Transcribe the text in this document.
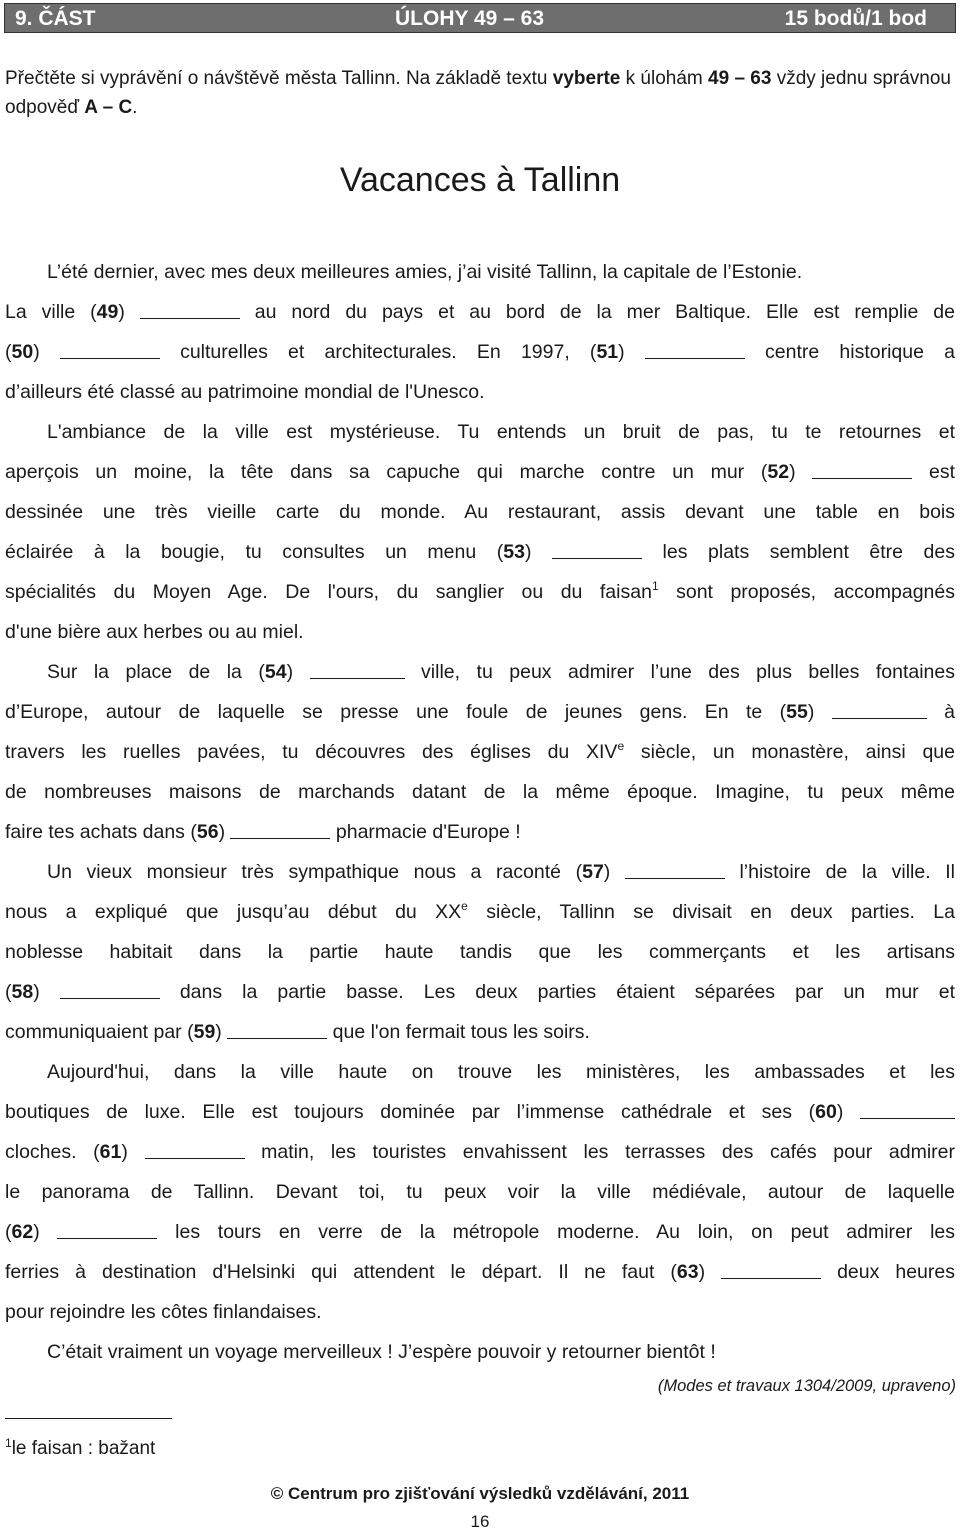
9. ČÁST	ÚLOHY 49 – 63	15 bodů/1 bod
Přečtěte si vyprávění o návštěvě města Tallinn. Na základě textu vyberte k úlohám 49 – 63 vždy jednu správnou odpověď A – C.
Vacances à Tallinn
L’été dernier, avec mes deux meilleures amies, j’ai visité Tallinn, la capitale de l’Estonie.
La ville (49)	au nord du pays et au bord de la mer Baltique. Elle est remplie de
(50)	culturelles et architecturales. En 1997, (51)	centre historique a
d’ailleurs été classé au patrimoine mondial de l'Unesco.
L'ambiance de la ville est mystérieuse. Tu entends un bruit de pas, tu te retournes et
aperçois un moine, la tête dans sa capuche qui marche contre un mur (52)	est
dessinée une très vieille carte du monde. Au restaurant, assis devant une table en bois
éclairée à la bougie, tu consultes un menu (53)	les plats semblent être des
spécialités du Moyen Age. De l'ours, du sanglier ou du faisan$^1$ sont proposés, accompagnés
d'une bière aux herbes ou au miel.
Sur la place de la (54)	ville, tu peux admirer l’une des plus belles fontaines
d’Europe, autour de laquelle se presse une foule de jeunes gens. En te (55)	à
travers les ruelles pavées, tu découvres des églises du XIVe siècle, un monastère, ainsi que
de nombreuses maisons de marchands datant de la même époque. Imagine, tu peux même
faire tes achats dans (56)	pharmacie d'Europe !
Un vieux monsieur très sympathique nous a raconté (57)	l’histoire de la ville. Il
nous a expliqué que jusqu’au début du XXe siècle, Tallinn se divisait en deux parties. La
noblesse habitait dans la partie haute tandis que les commerçants et les artisans
(58)	dans la partie basse. Les deux parties étaient séparées par un mur et
communiquaient par (59)	que l'on fermait tous les soirs.
Aujourd'hui, dans la ville haute on trouve les ministères, les ambassades et les
boutiques de luxe. Elle est toujours dominée par l’immense cathédrale et ses (60)
cloches. (61)	matin, les touristes envahissent les terrasses des cafés pour admirer
le panorama de Tallinn. Devant toi, tu peux voir la ville médiévale, autour de laquelle
(62)	les tours en verre de la métropole moderne. Au loin, on peut admirer les
ferries à destination d'Helsinki qui attendent le départ. Il ne faut (63)	deux heures
pour rejoindre les côtes finlandaises.
C’était vraiment un voyage merveilleux ! J’espère pouvoir y retourner bientôt !
(Modes et travaux 1304/2009, upraveno)
$^1$le faisan : bažant
© Centrum pro zjišťování výsledků vzdělávání, 2011
16
